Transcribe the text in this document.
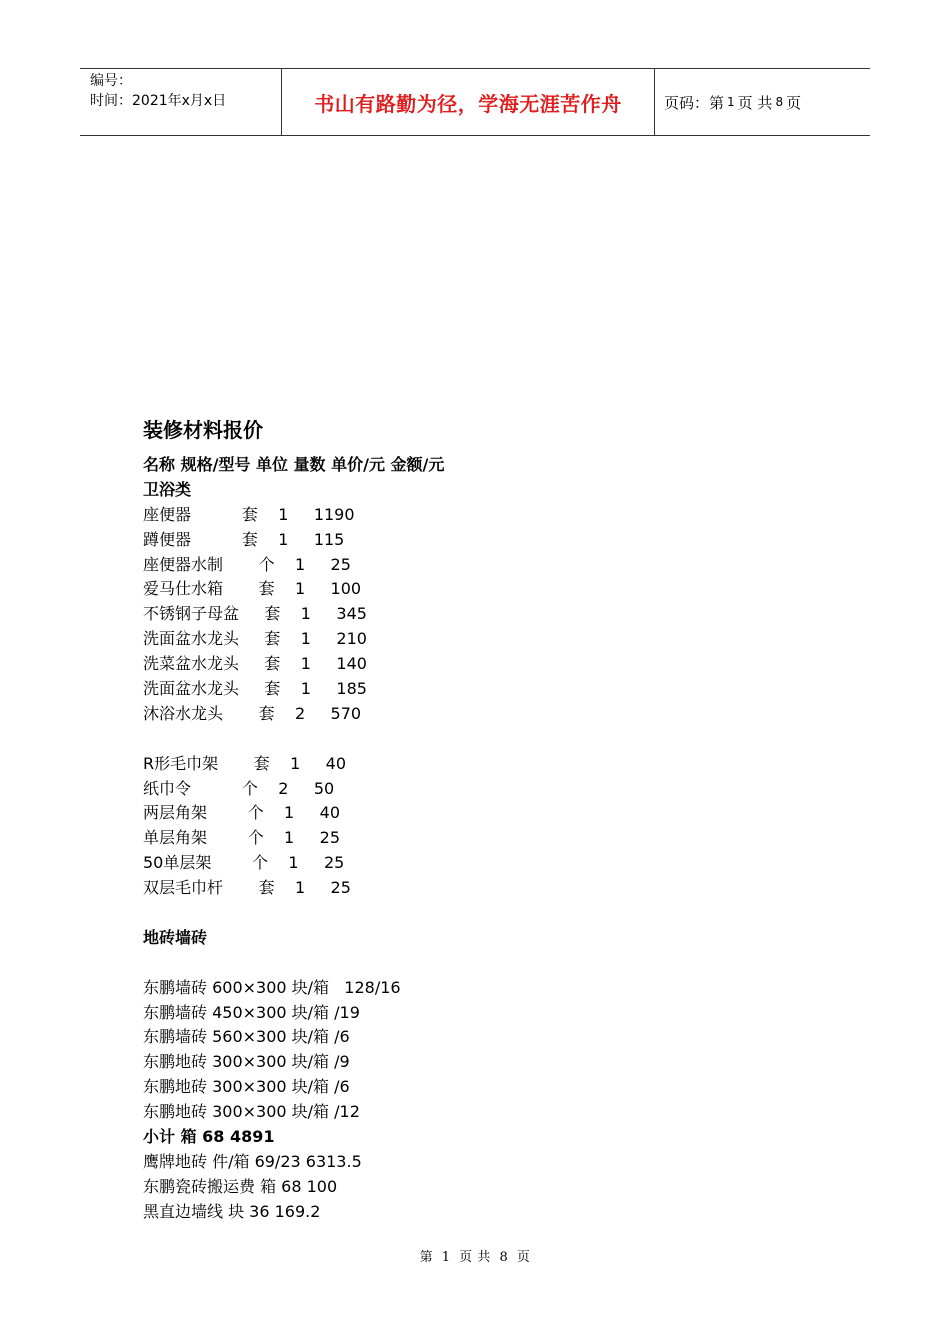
编号：
时间：2021年x月x日	书山有路勤为径，学海无涯苦作舟	页码：第 1 页 共 8 页
装修材料报价
名称 规格/型号 单位 量数 单价/元 金额/元
卫浴类
座便器          套    1     1190
蹲便器          套    1     115
座便器水制       个    1     25
爱马仕水箱       套    1     100
不锈钢子母盆     套    1     345
洗面盆水龙头     套    1     210
洗菜盆水龙头     套    1     140
洗面盆水龙头     套    1     185
沐浴水龙头       套    2     570
R形毛巾架       套    1     40
纸巾令          个    2     50
两层角架        个    1     40
单层角架        个    1     25
50单层架        个    1     25
双层毛巾杆       套    1     25
地砖墙砖
东鹏墙砖 600×300 块/箱   128/16
东鹏墙砖 450×300 块/箱 /19
东鹏墙砖 560×300 块/箱 /6
东鹏地砖 300×300 块/箱 /9
东鹏地砖 300×300 块/箱 /6
东鹏地砖 300×300 块/箱 /12
小计 箱 68 4891
鹰牌地砖 件/箱 69/23 6313.5
东鹏瓷砖搬运费 箱 68 100
黑直边墙线 块 36 169.2
第 1 页 共 8 页
